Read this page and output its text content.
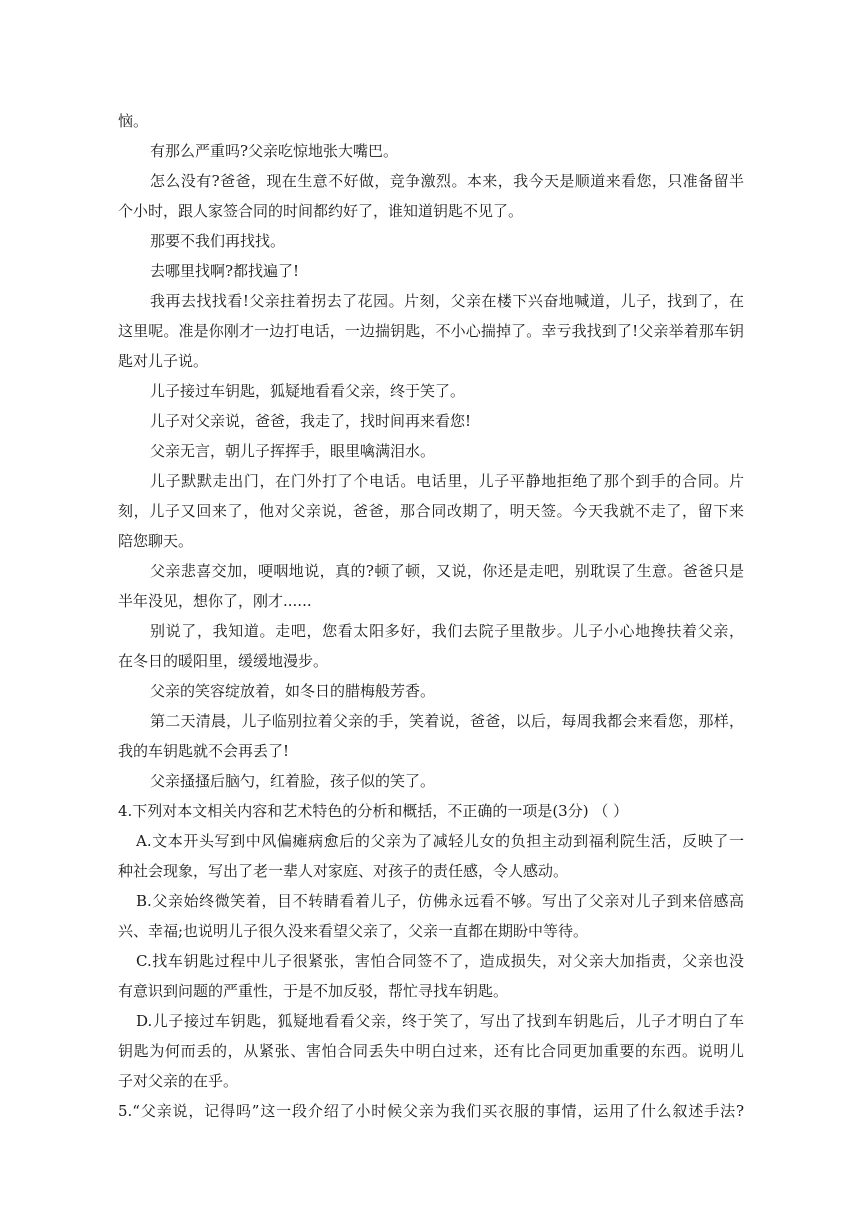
恼。
有那么严重吗?父亲吃惊地张大嘴巴。
怎么没有?爸爸，现在生意不好做，竞争激烈。本来，我今天是顺道来看您，只准备留半
个小时，跟人家签合同的时间都约好了，谁知道钥匙不见了。
那要不我们再找找。
去哪里找啊?都找遍了!
我再去找找看!父亲拄着拐去了花园。片刻，父亲在楼下兴奋地喊道，儿子，找到了，在
这里呢。准是你刚才一边打电话，一边揣钥匙，不小心揣掉了。幸亏我找到了!父亲举着那车钥
匙对儿子说。
儿子接过车钥匙，狐疑地看看父亲，终于笑了。
儿子对父亲说，爸爸，我走了，找时间再来看您!
父亲无言，朝儿子挥挥手，眼里噙满泪水。
儿子默默走出门，在门外打了个电话。电话里，儿子平静地拒绝了那个到手的合同。片
刻，儿子又回来了，他对父亲说，爸爸，那合同改期了，明天签。今天我就不走了，留下来
陪您聊天。
父亲悲喜交加，哽咽地说，真的?顿了顿，又说，你还是走吧，别耽误了生意。爸爸只是
半年没见，想你了，刚才......
别说了，我知道。走吧，您看太阳多好，我们去院子里散步。儿子小心地搀扶着父亲，
在冬日的暖阳里，缓缓地漫步。
父亲的笑容绽放着，如冬日的腊梅般芳香。
第二天清晨，儿子临别拉着父亲的手，笑着说，爸爸，以后，每周我都会来看您，那样，
我的车钥匙就不会再丢了!
父亲搔搔后脑勺，红着脸，孩子似的笑了。
4.下列对本文相关内容和艺术特色的分析和概括，不正确的一项是(3分) （ ）
A.文本开头写到中风偏瘫病愈后的父亲为了减轻儿女的负担主动到福利院生活，反映了一
种社会现象，写出了老一辈人对家庭、对孩子的责任感，令人感动。
B.父亲始终微笑着，目不转睛看着儿子，仿佛永远看不够。写出了父亲对儿子到来倍感高
兴、幸福;也说明儿子很久没来看望父亲了，父亲一直都在期盼中等待。
C.找车钥匙过程中儿子很紧张，害怕合同签不了，造成损失，对父亲大加指责，父亲也没
有意识到问题的严重性，于是不加反驳，帮忙寻找车钥匙。
D.儿子接过车钥匙，狐疑地看看父亲，终于笑了，写出了找到车钥匙后，儿子才明白了车
钥匙为何而丢的，从紧张、害怕合同丢失中明白过来，还有比合同更加重要的东西。说明儿
子对父亲的在乎。
5.“父亲说，记得吗”这一段介绍了小时候父亲为我们买衣服的事情，运用了什么叙述手法?
